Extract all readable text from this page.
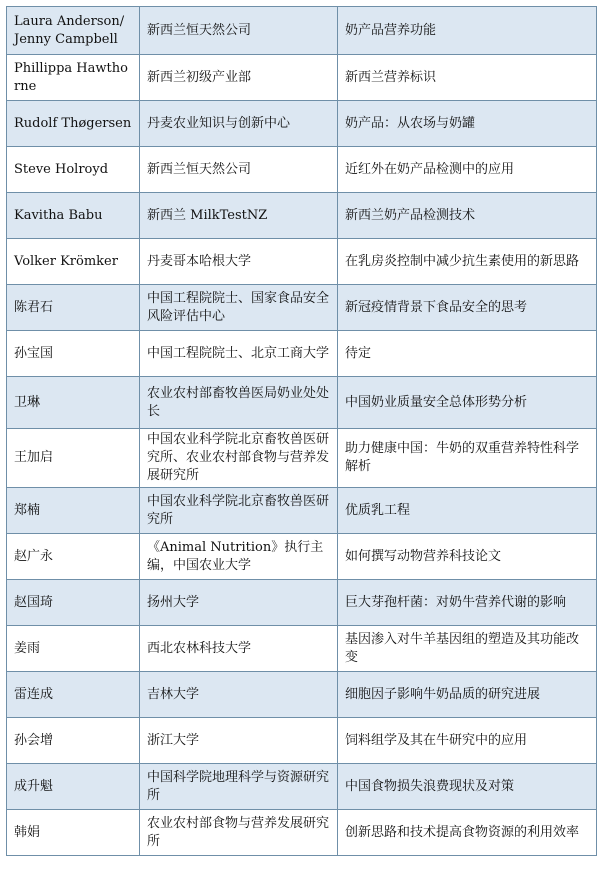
Laura Anderson/ Jenny Campbell	新西兰恒天然公司	奶产品营养功能
Phillippa Hawthorne	新西兰初级产业部	新西兰营养标识
Rudolf Thøgersen	丹麦农业知识与创新中心	奶产品：从农场与奶罐
Steve Holroyd	新西兰恒天然公司	近红外在奶产品检测中的应用
Kavitha Babu	新西兰 MilkTestNZ	新西兰奶产品检测技术
Volker Krömker	丹麦哥本哈根大学	在乳房炎控制中减少抗生素使用的新思路
陈君石	中国工程院院士、国家食品安全风险评估中心	新冠疫情背景下食品安全的思考
孙宝国	中国工程院院士、北京工商大学	待定
卫琳	农业农村部畜牧兽医局奶业处处长	中国奶业质量安全总体形势分析
王加启	中国农业科学院北京畜牧兽医研究所、农业农村部食物与营养发展研究所	助力健康中国：牛奶的双重营养特性科学解析
郑楠	中国农业科学院北京畜牧兽医研究所	优质乳工程
赵广永	《Animal Nutrition》执行主编，中国农业大学	如何撰写动物营养科技论文
赵国琦	扬州大学	巨大芽孢杆菌：对奶牛营养代谢的影响
姜雨	西北农林科技大学	基因渗入对牛羊基因组的塑造及其功能改变
雷连成	吉林大学	细胞因子影响牛奶品质的研究进展
孙会增	浙江大学	饲料组学及其在牛研究中的应用
成升魁	中国科学院地理科学与资源研究所	中国食物损失浪费现状及对策
韩娟	农业农村部食物与营养发展研究所	创新思路和技术提高食物资源的利用效率
